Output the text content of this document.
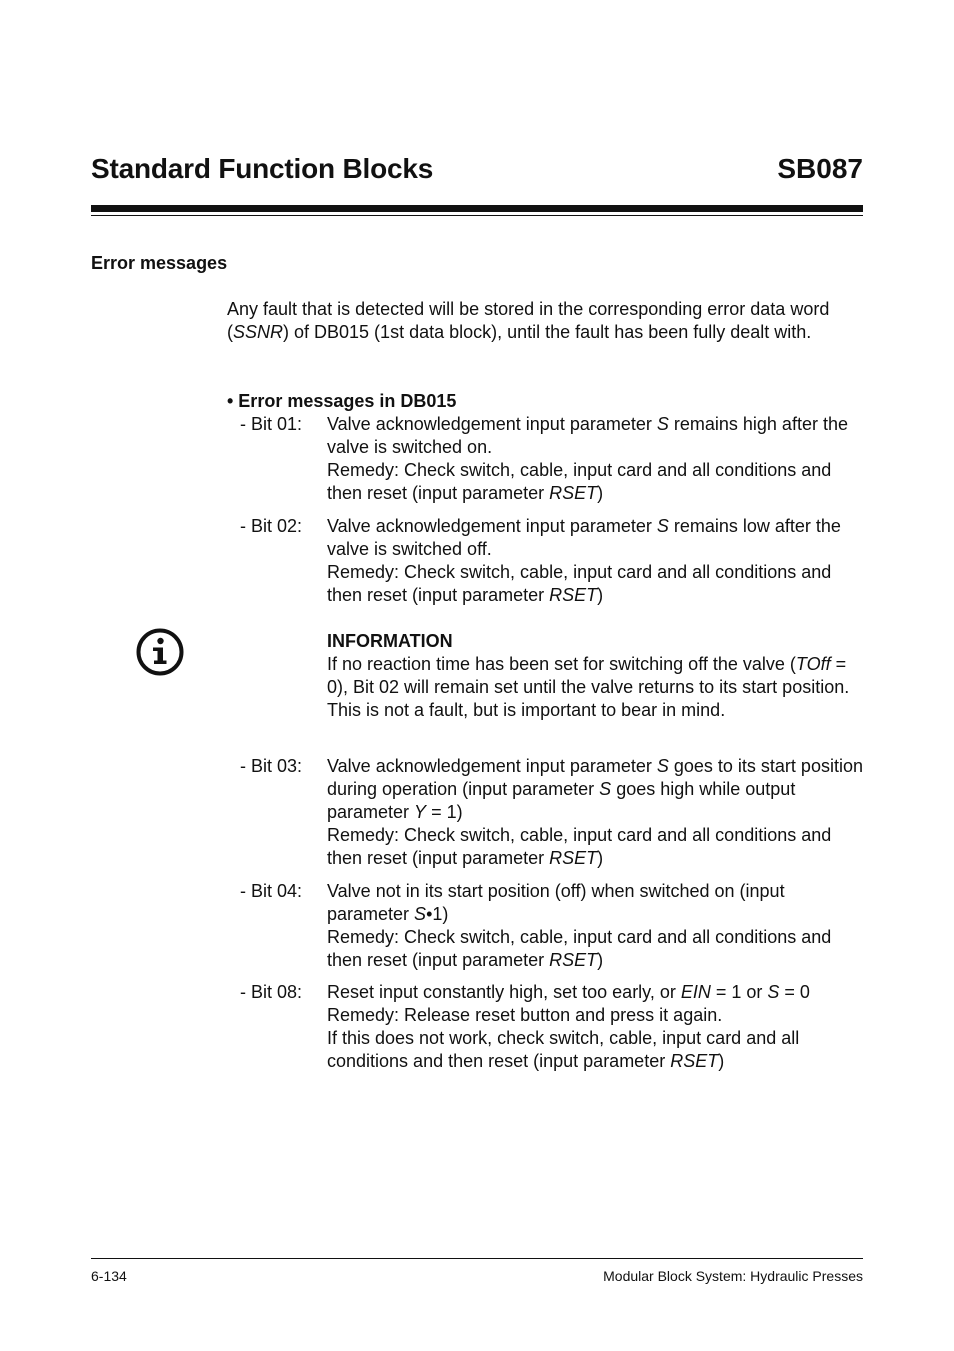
Standard Function Blocks	SB087
Error messages
Any fault that is detected will be stored in the corresponding error data word (SSNR) of DB015 (1st data block), until the fault has been fully dealt with.
• Error messages in DB015
- Bit 01: Valve acknowledgement input parameter S remains high after the valve is switched on.
Remedy: Check switch, cable, input card and all conditions and then reset (input parameter RSET)
- Bit 02: Valve acknowledgement input parameter S remains low after the valve is switched off.
Remedy: Check switch, cable, input card and all conditions and then reset (input parameter RSET)
INFORMATION
If no reaction time has been set for switching off the valve (TOff = 0), Bit 02 will remain set until the valve returns to its start position. This is not a fault, but is important to bear in mind.
- Bit 03: Valve acknowledgement input parameter S goes to its start position during operation (input parameter S goes high while output parameter Y = 1)
Remedy: Check switch, cable, input card and all conditions and then reset (input parameter RSET)
- Bit 04: Valve not in its start position (off) when switched on (input parameter S•1)
Remedy: Check switch, cable, input card and all conditions and then reset (input parameter RSET)
- Bit 08: Reset input constantly high, set too early, or EIN = 1 or S = 0
Remedy: Release reset button and press it again.
If this does not work, check switch, cable, input card and all conditions and then reset (input parameter RSET)
6-134	Modular Block System: Hydraulic Presses
